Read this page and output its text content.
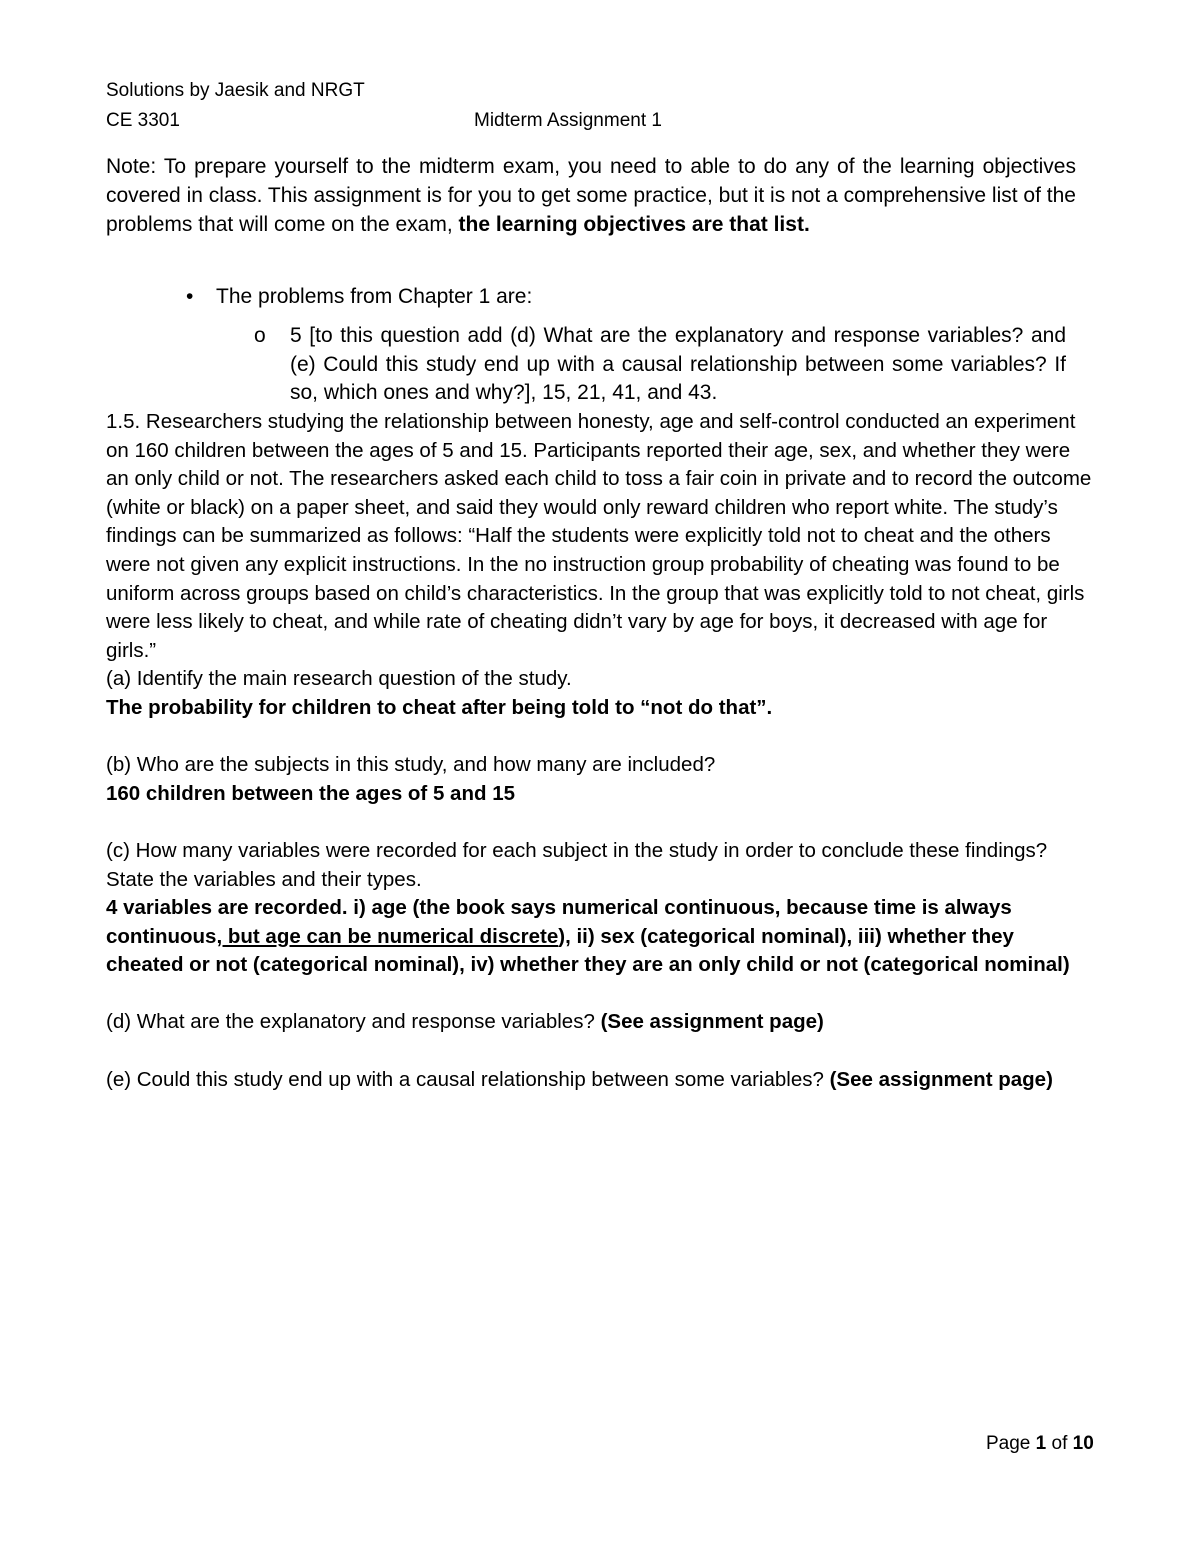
Solutions by Jaesik and NRGT
CE 3301	Midterm Assignment 1
Note: To prepare yourself to the midterm exam, you need to able to do any of the learning objectives covered in class. This assignment is for you to get some practice, but it is not a comprehensive list of the problems that will come on the exam, the learning objectives are that list.
• The problems from Chapter 1 are:
o 5 [to this question add (d) What are the explanatory and response variables? and (e) Could this study end up with a causal relationship between some variables? If so, which ones and why?], 15, 21, 41, and 43.

1.5. Researchers studying the relationship between honesty, age and self-control conducted an experiment on 160 children between the ages of 5 and 15. Participants reported their age, sex, and whether they were an only child or not. The researchers asked each child to toss a fair coin in private and to record the outcome (white or black) on a paper sheet, and said they would only reward children who report white. The study’s findings can be summarized as follows: “Half the students were explicitly told not to cheat and the others were not given any explicit instructions. In the no instruction group probability of cheating was found to be uniform across groups based on child’s characteristics. In the group that was explicitly told to not cheat, girls were less likely to cheat, and while rate of cheating didn’t vary by age for boys, it decreased with age for girls.”

(a) Identify the main research question of the study.

The probability for children to cheat after being told to “not do that”.

(b) Who are the subjects in this study, and how many are included?

160 children between the ages of 5 and 15

(c) How many variables were recorded for each subject in the study in order to conclude these findings? State the variables and their types.

4 variables are recorded. i) age (the book says numerical continuous, because time is always continuous, but age can be numerical discrete), ii) sex (categorical nominal), iii) whether they cheated or not (categorical nominal), iv) whether they are an only child or not (categorical nominal)

(d) What are the explanatory and response variables? (See assignment page)

(e) Could this study end up with a causal relationship between some variables? (See assignment page)

Page 1 of 10
